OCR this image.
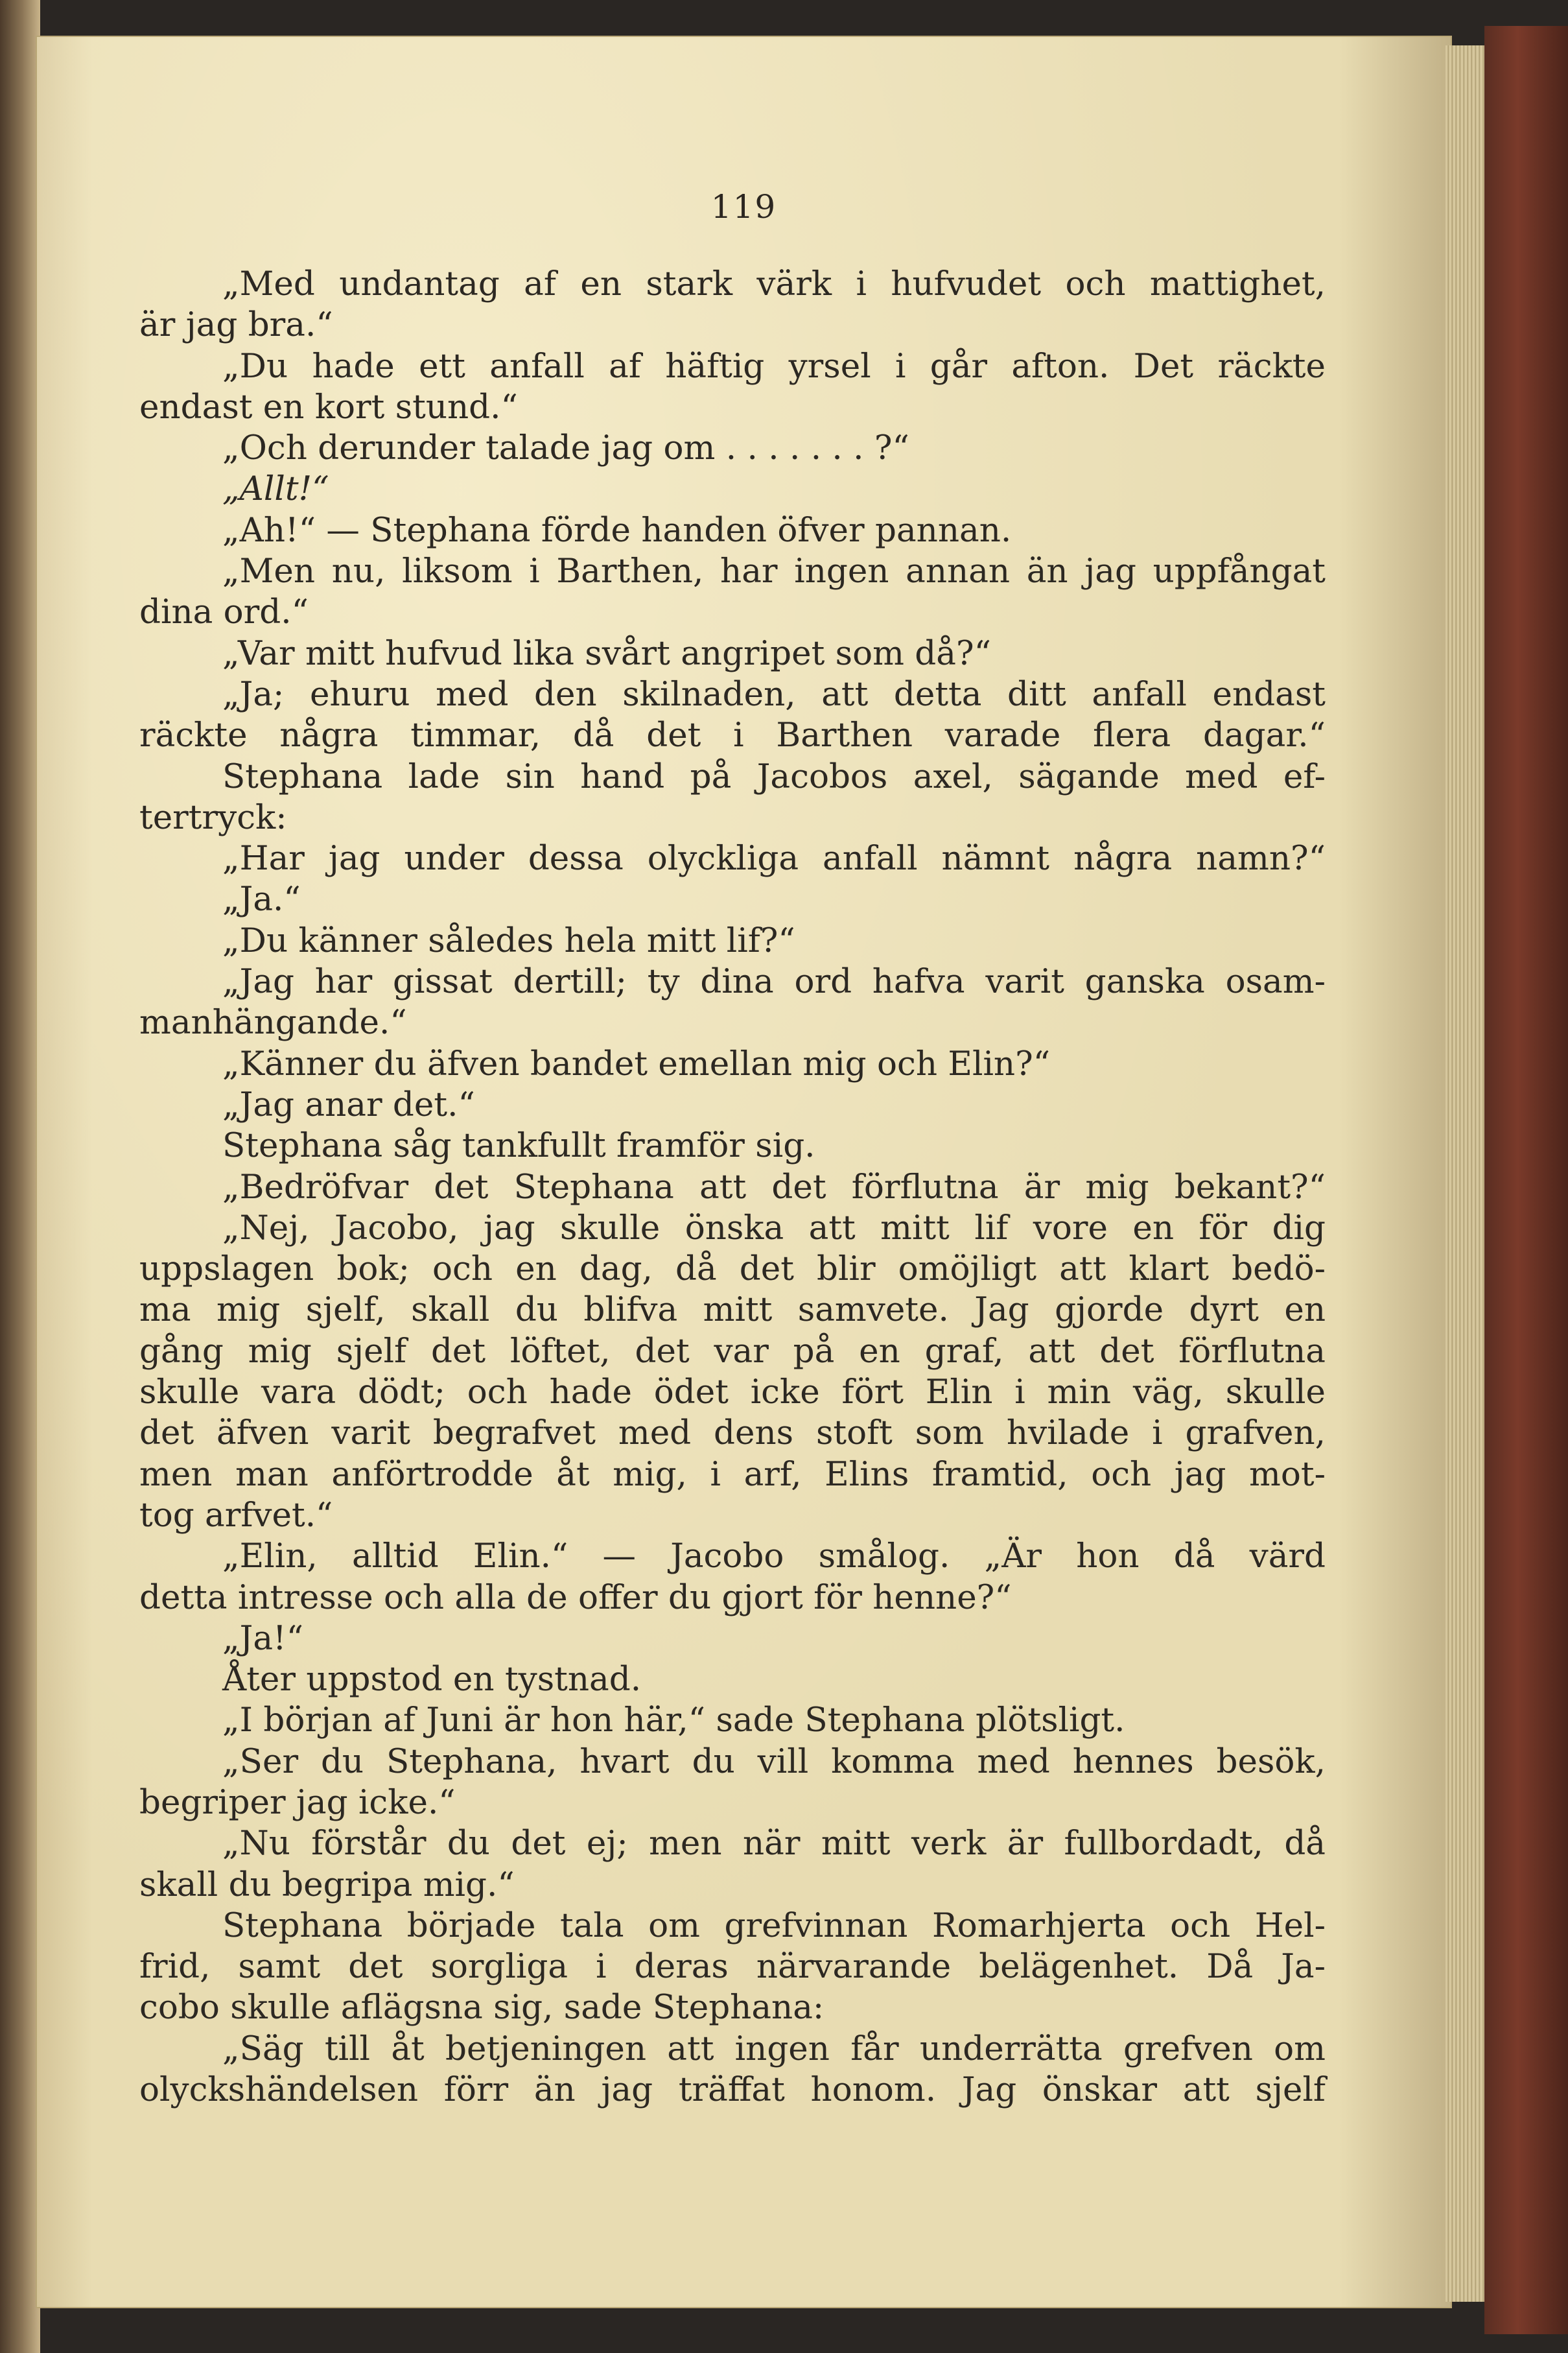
119
„Med undantag af en stark värk i hufvudet och mattighet,
är jag bra.“
„Du hade ett anfall af häftig yrsel i går afton. Det räckte
endast en kort stund.“
„Och derunder talade jag om . . . . . . . ?“
„Allt!“
„Ah!“ — Stephana förde handen öfver pannan.
„Men nu, liksom i Barthen, har ingen annan än jag uppfångat
dina ord.“
„Var mitt hufvud lika svårt angripet som då?“
„Ja; ehuru med den skilnaden, att detta ditt anfall endast
räckte några timmar, då det i Barthen varade flera dagar.“
Stephana lade sin hand på Jacobos axel, sägande med ef-
tertryck:
„Har jag under dessa olyckliga anfall nämnt några namn?“
„Ja.“
„Du känner således hela mitt lif?“
„Jag har gissat dertill; ty dina ord hafva varit ganska osam-
manhängande.“
„Känner du äfven bandet emellan mig och Elin?“
„Jag anar det.“
Stephana såg tankfullt framför sig.
„Bedröfvar det Stephana att det förflutna är mig bekant?“
„Nej, Jacobo, jag skulle önska att mitt lif vore en för dig
uppslagen bok; och en dag, då det blir omöjligt att klart bedö-
ma mig sjelf, skall du blifva mitt samvete. Jag gjorde dyrt en
gång mig sjelf det löftet, det var på en graf, att det förflutna
skulle vara dödt; och hade ödet icke fört Elin i min väg, skulle
det äfven varit begrafvet med dens stoft som hvilade i grafven,
men man anförtrodde åt mig, i arf, Elins framtid, och jag mot-
tog arfvet.“
„Elin, alltid Elin.“ — Jacobo smålog. „Är hon då värd
detta intresse och alla de offer du gjort för henne?“
„Ja!“
Åter uppstod en tystnad.
„I början af Juni är hon här,“ sade Stephana plötsligt.
„Ser du Stephana, hvart du vill komma med hennes besök,
begriper jag icke.“
„Nu förstår du det ej; men när mitt verk är fullbordadt, då
skall du begripa mig.“
Stephana började tala om grefvinnan Romarhjerta och Hel-
frid, samt det sorgliga i deras närvarande belägenhet. Då Ja-
cobo skulle aflägsna sig, sade Stephana:
„Säg till åt betjeningen att ingen får underrätta grefven om
olyckshändelsen förr än jag träffat honom. Jag önskar att sjelf
